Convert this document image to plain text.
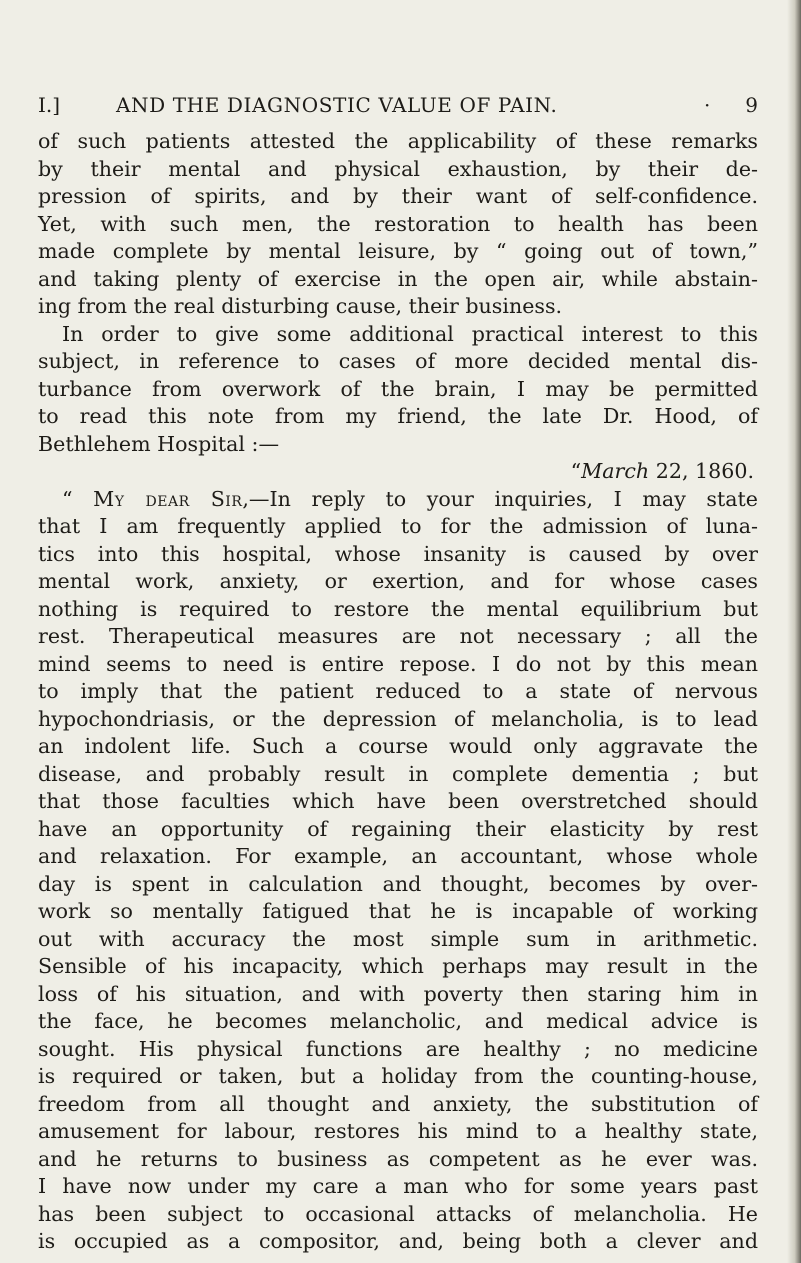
I.]	AND THE DIAGNOSTIC VALUE OF PAIN.	· 9
of such patients attested the applicability of these remarks
by their mental and physical exhaustion, by their de-
pression of spirits, and by their want of self-confidence.
Yet, with such men, the restoration to health has been
made complete by mental leisure, by “ going out of town,”
and taking plenty of exercise in the open air, while abstain-
ing from the real disturbing cause, their business.
In order to give some additional practical interest to this
subject, in reference to cases of more decided mental dis-
turbance from overwork of the brain, I may be permitted
to read this note from my friend, the late Dr. Hood, of
Bethlehem Hospital :—
“March 22, 1860.
“ My dear Sir,—In reply to your inquiries, I may state
that I am frequently applied to for the admission of luna-
tics into this hospital, whose insanity is caused by over
mental work, anxiety, or exertion, and for whose cases
nothing is required to restore the mental equilibrium but
rest. Therapeutical measures are not necessary ; all the
mind seems to need is entire repose. I do not by this mean
to imply that the patient reduced to a state of nervous
hypochondriasis, or the depression of melancholia, is to lead
an indolent life. Such a course would only aggravate the
disease, and probably result in complete dementia ; but
that those faculties which have been overstretched should
have an opportunity of regaining their elasticity by rest
and relaxation. For example, an accountant, whose whole
day is spent in calculation and thought, becomes by over-
work so mentally fatigued that he is incapable of working
out with accuracy the most simple sum in arithmetic.
Sensible of his incapacity, which perhaps may result in the
loss of his situation, and with poverty then staring him in
the face, he becomes melancholic, and medical advice is
sought. His physical functions are healthy ; no medicine
is required or taken, but a holiday from the counting-house,
freedom from all thought and anxiety, the substitution of
amusement for labour, restores his mind to a healthy state,
and he returns to business as competent as he ever was.
I have now under my care a man who for some years past
has been subject to occasional attacks of melancholia. He
is occupied as a compositor, and, being both a clever and
